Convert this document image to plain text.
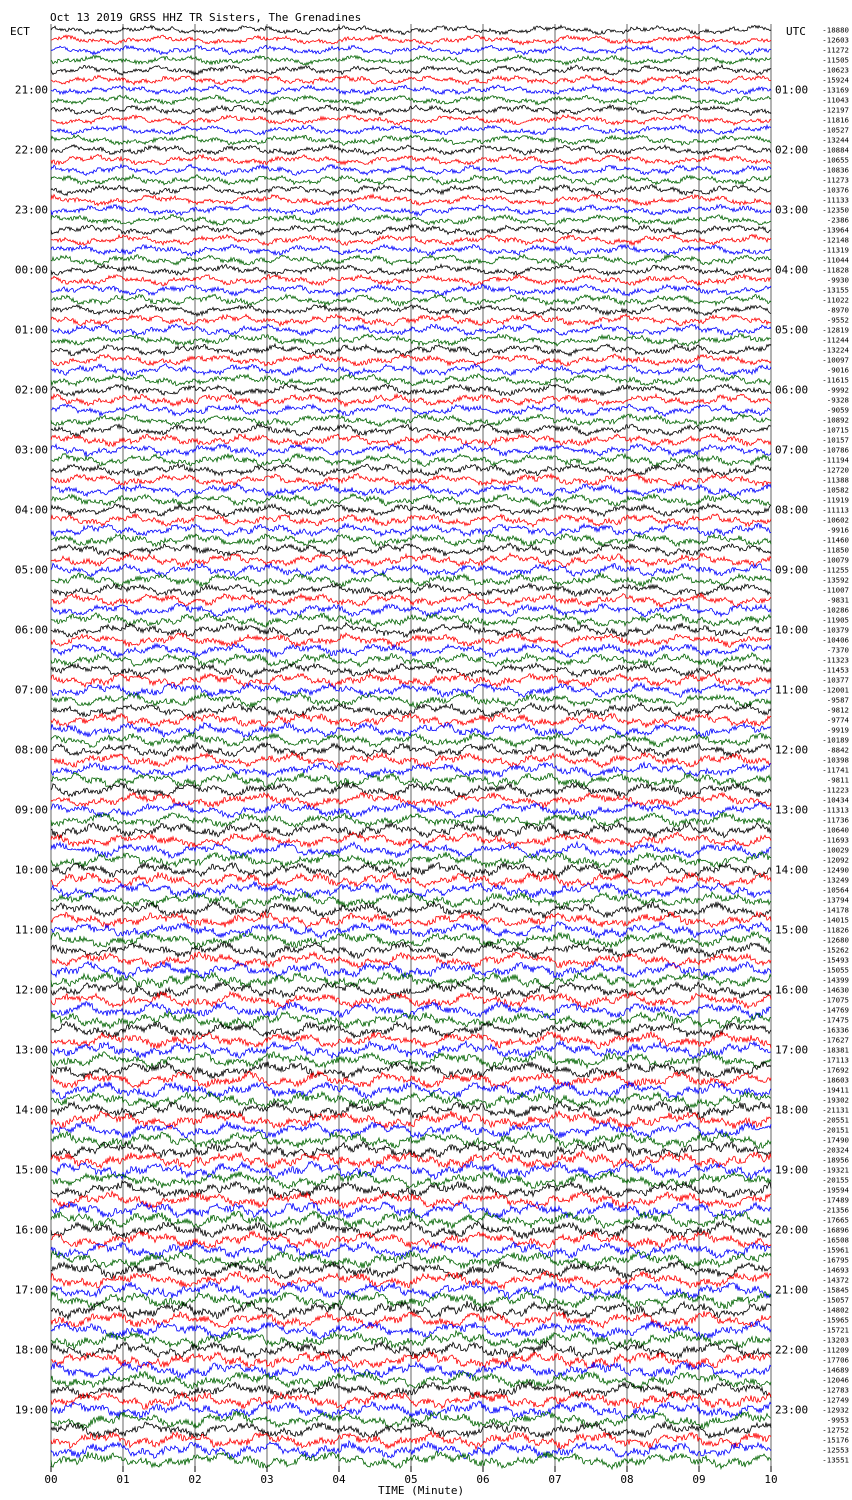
Oct 13 2019 GRSS HHZ TR Sisters, The Grenadines
ECT	UTC
TIME (Minute)
-18880
-12603
-11272
-11505
-10623
-15924
-13169
-11043
-12197
-11816
-10527
-13244
-10884
-10655
-10836
-11273
-10376
-11133
-12350
-2386
-13964
-12148
-11319
-11044
-11828
-9930
-13155
-11022
-8970
-9552
-12819
-11244
-13224
-10097
-9016
-11615
-9992
-9328
-9059
-10892
-10715
-10157
-10786
-11194
-12720
-11388
-10582
-11919
-11113
-10602
-9916
-11460
-11850
-10079
-11255
-13592
-11007
-9831
-10286
-11905
-10379
-10406
-7370
-11323
-11453
-10377
-12001
-9587
-9812
-9774
-9919
-10189
-8842
-10398
-11741
-9811
-11223
-10434
-11313
-11736
-10640
-11693
-10029
-12092
-12490
-13249
-10564
-13794
-14178
-14015
-11826
-12680
-15262
-15493
-15055
-14399
-14630
-17075
-14769
-17475
-16336
-17627
-18381
-17113
-17692
-18603
-19411
-19302
-21131
-20551
-20151
-17490
-20324
-18956
-19321
-20155
-19594
-17489
-21356
-17665
-16896
-16508
-15961
-16795
-14693
-14372
-15845
-15057
-14802
-15965
-15721
-13203
-11209
-17706
-14689
-12046
-12783
-12749
-12932
-9953
-12752
-15176
-12553
-13551
21:00
22:00
23:00
00:00
01:00
02:00
03:00
04:00
05:00
06:00
07:00
08:00
09:00
10:00
11:00
12:00
13:00
14:00
15:00
16:00
17:00
18:00
19:00
01:00
02:00
03:00
04:00
05:00
06:00
07:00
08:00
09:00
10:00
11:00
12:00
13:00
14:00
15:00
16:00
17:00
18:00
19:00
20:00
21:00
22:00
23:00
00	01	02	03	04	05	06	07	08	09	10
